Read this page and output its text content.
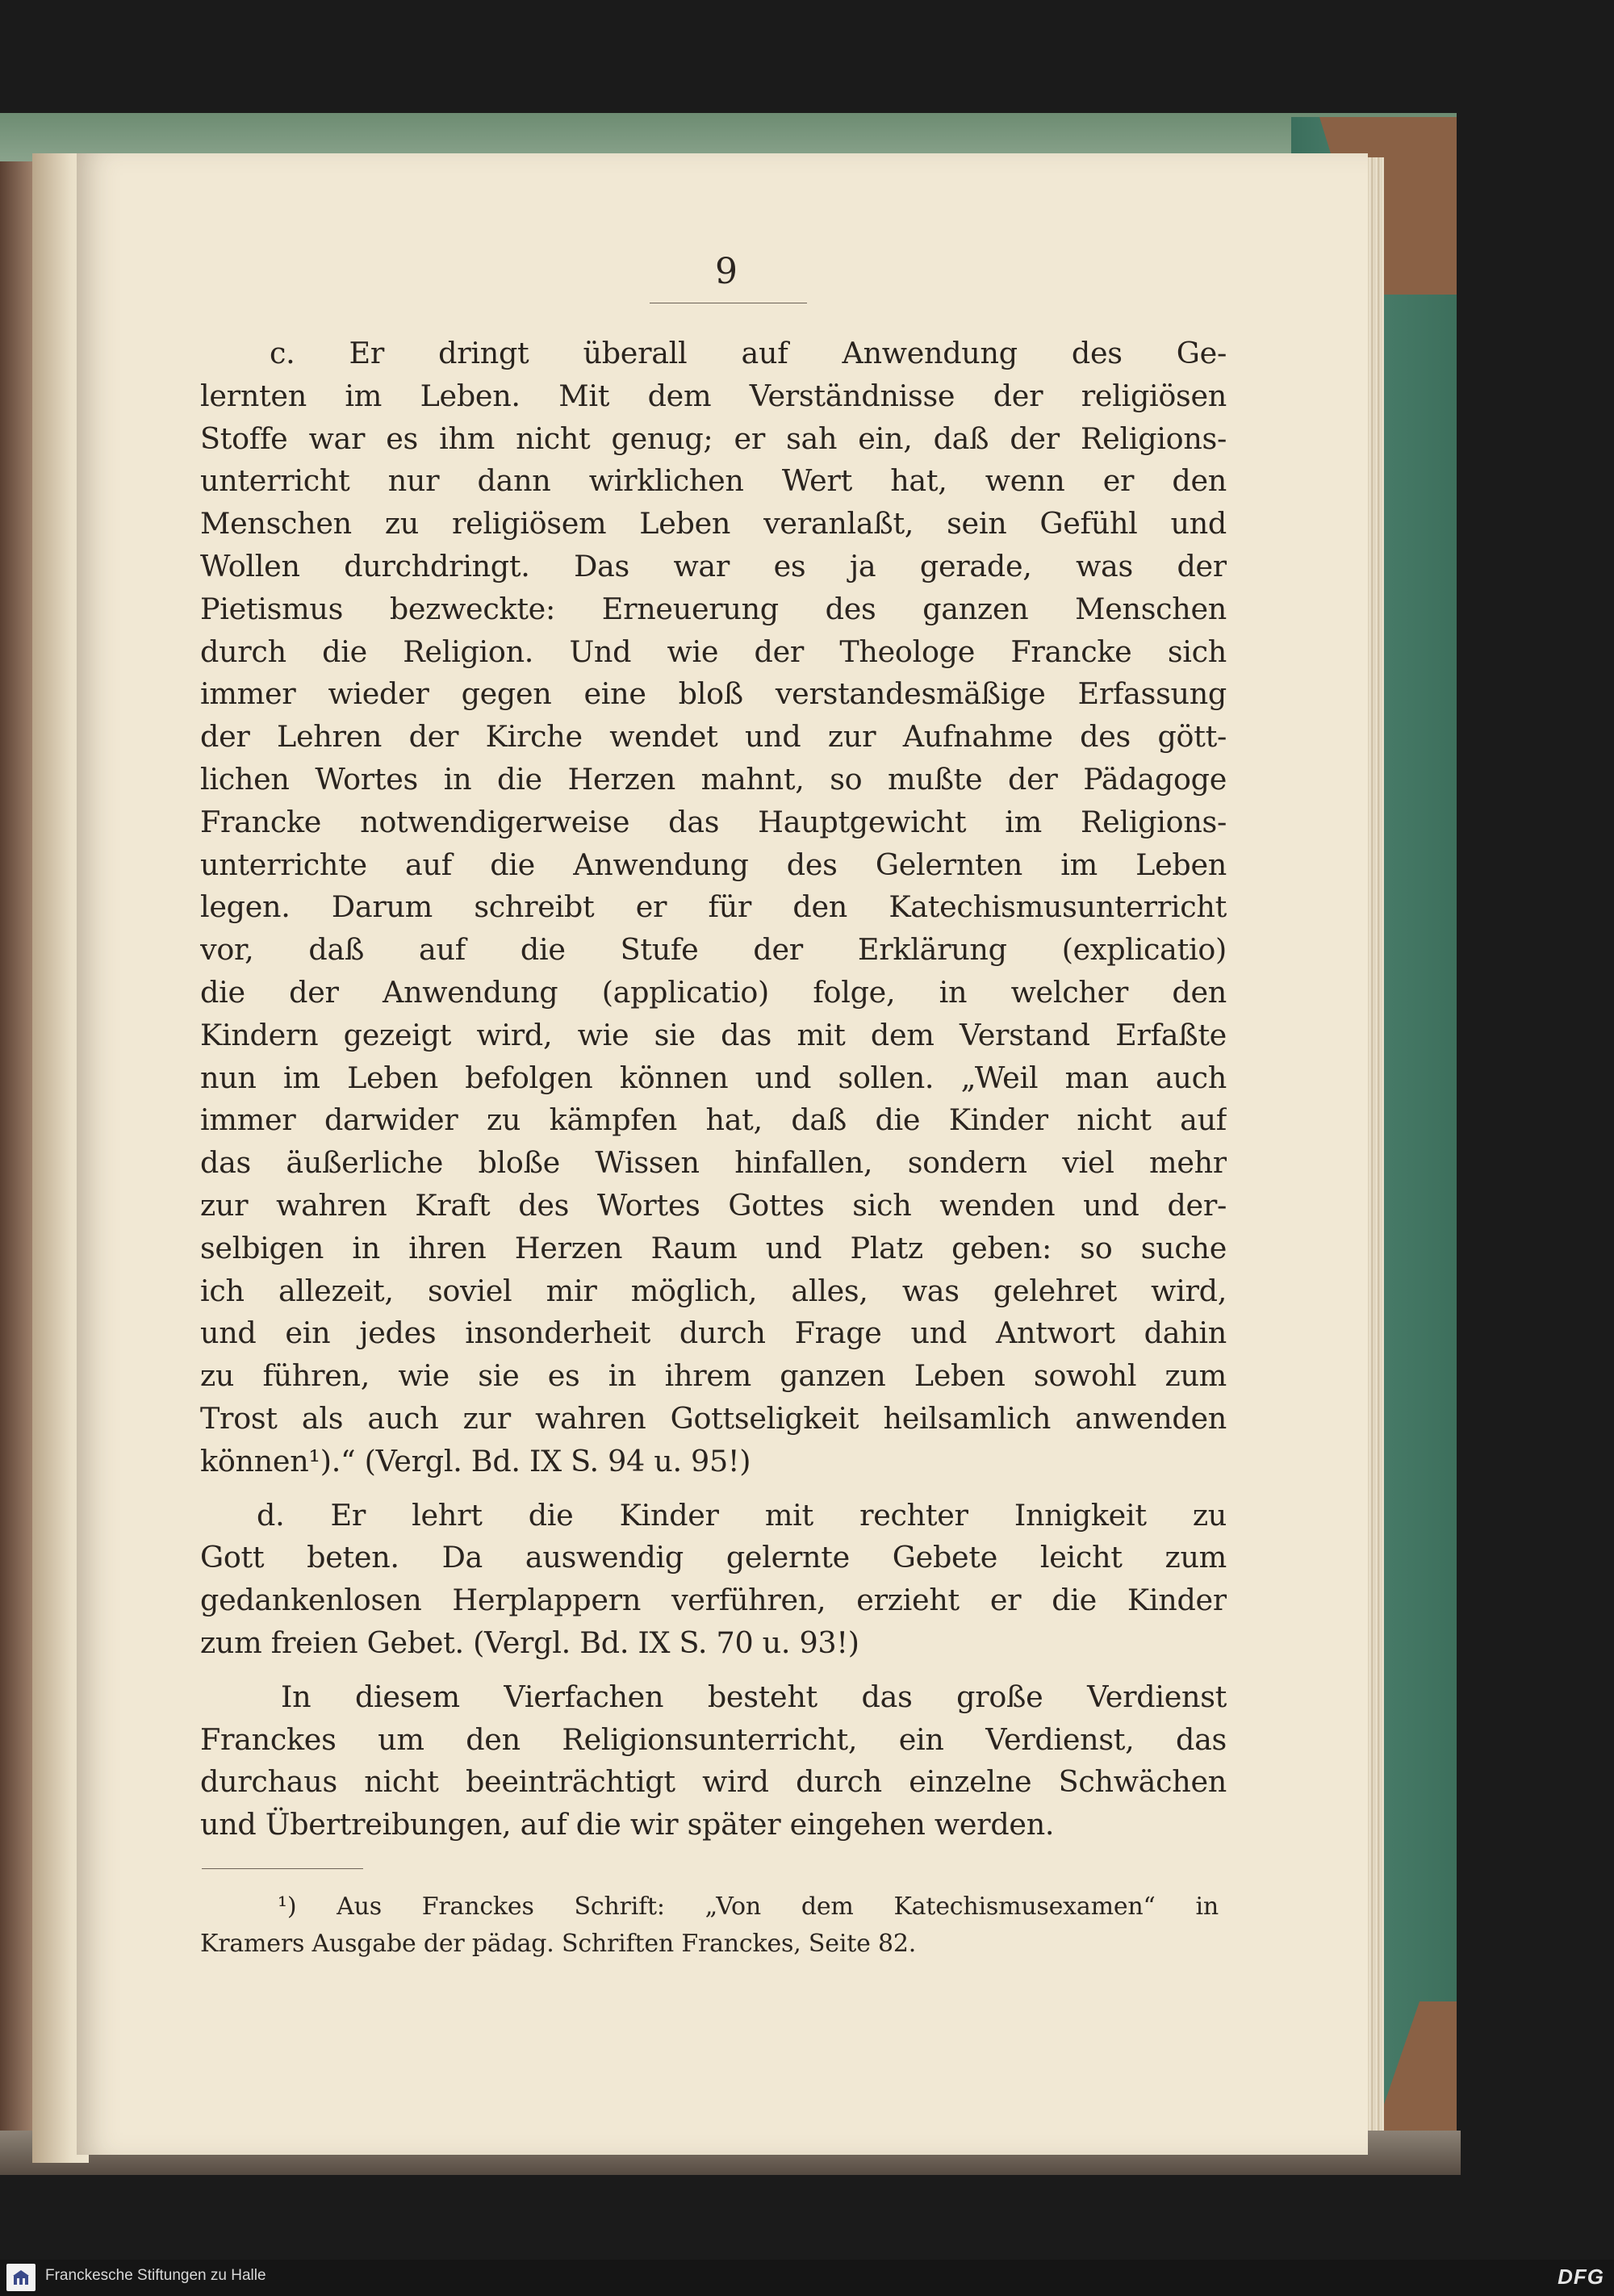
9
c. Er dringt überall auf Anwendung des Ge-
lernten im Leben. Mit dem Verständnisse der religiösen
Stoffe war es ihm nicht genug; er sah ein, daß der Religions-
unterricht nur dann wirklichen Wert hat, wenn er den
Menschen zu religiösem Leben veranlaßt, sein Gefühl und
Wollen durchdringt. Das war es ja gerade, was der
Pietismus bezweckte: Erneuerung des ganzen Menschen
durch die Religion. Und wie der Theologe Francke sich
immer wieder gegen eine bloß verstandesmäßige Erfassung
der Lehren der Kirche wendet und zur Aufnahme des gött-
lichen Wortes in die Herzen mahnt, so mußte der Pädagoge
Francke notwendigerweise das Hauptgewicht im Religions-
unterrichte auf die Anwendung des Gelernten im Leben
legen. Darum schreibt er für den Katechismusunterricht
vor, daß auf die Stufe der Erklärung (explicatio)
die der Anwendung (applicatio) folge, in welcher den
Kindern gezeigt wird, wie sie das mit dem Verstand Erfaßte
nun im Leben befolgen können und sollen. „Weil man auch
immer darwider zu kämpfen hat, daß die Kinder nicht auf
das äußerliche bloße Wissen hinfallen, sondern viel mehr
zur wahren Kraft des Wortes Gottes sich wenden und der-
selbigen in ihren Herzen Raum und Platz geben: so suche
ich allezeit, soviel mir möglich, alles, was gelehret wird,
und ein jedes insonderheit durch Frage und Antwort dahin
zu führen, wie sie es in ihrem ganzen Leben sowohl zum
Trost als auch zur wahren Gottseligkeit heilsamlich anwenden
können¹).“ (Vergl. Bd. IX S. 94 u. 95!)
d. Er lehrt die Kinder mit rechter Innigkeit zu
Gott beten. Da auswendig gelernte Gebete leicht zum
gedankenlosen Herplappern verführen, erzieht er die Kinder
zum freien Gebet. (Vergl. Bd. IX S. 70 u. 93!)
In diesem Vierfachen besteht das große Verdienst
Franckes um den Religionsunterricht, ein Verdienst, das
durchaus nicht beeinträchtigt wird durch einzelne Schwächen
und Übertreibungen, auf die wir später eingehen werden.
¹) Aus Franckes Schrift: „Von dem Katechismusexamen“ in
Kramers Ausgabe der pädag. Schriften Franckes, Seite 82.
Franckesche Stiftungen zu Halle	DFG
